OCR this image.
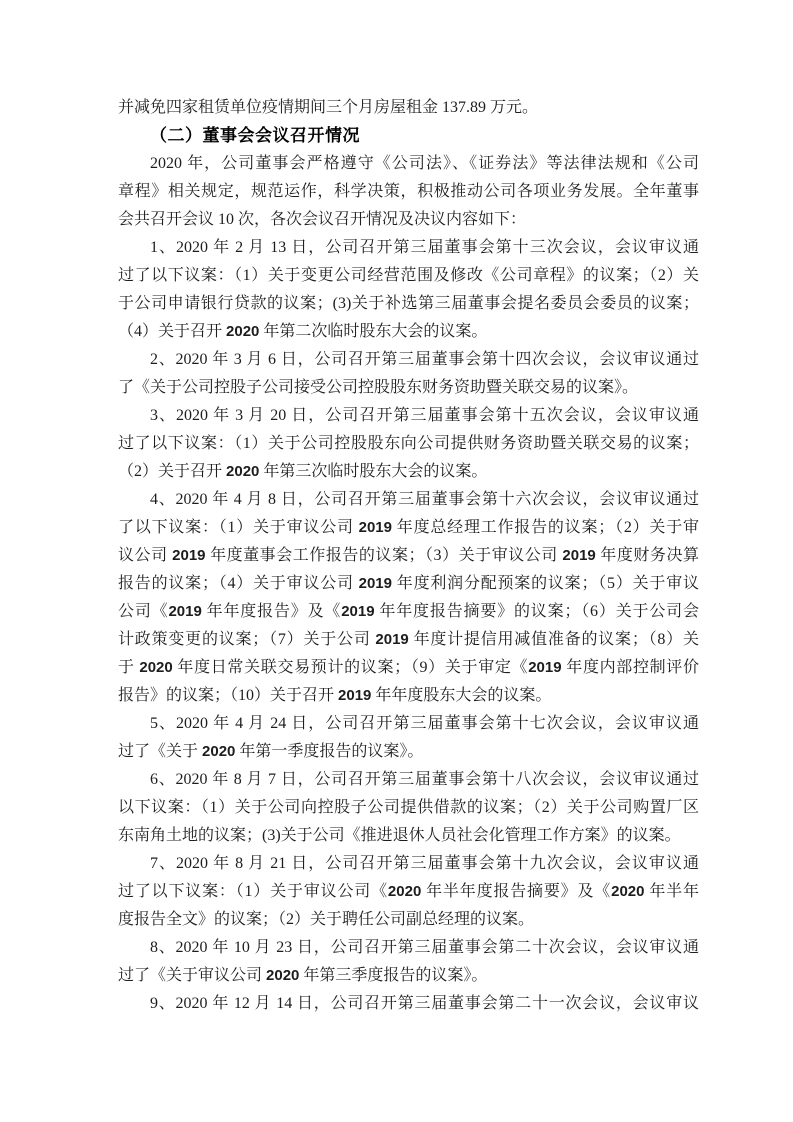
并减免四家租赁单位疫情期间三个月房屋租金 137.89 万元。
（二）董事会会议召开情况
2020 年，公司董事会严格遵守《公司法》、《证券法》等法律法规和《公司
章程》相关规定，规范运作，科学决策，积极推动公司各项业务发展。全年董事
会共召开会议 10 次，各次会议召开情况及决议内容如下：
1、2020 年 2 月 13 日，公司召开第三届董事会第十三次会议，会议审议通
过了以下议案：（1）关于变更公司经营范围及修改《公司章程》的议案；（2）关
于公司申请银行贷款的议案；(3)关于补选第三届董事会提名委员会委员的议案；
（4）关于召开 2020 年第二次临时股东大会的议案。
2、2020 年 3 月 6 日，公司召开第三届董事会第十四次会议，会议审议通过
了《关于公司控股子公司接受公司控股股东财务资助暨关联交易的议案》。
3、2020 年 3 月 20 日，公司召开第三届董事会第十五次会议，会议审议通
过了以下议案：（1）关于公司控股股东向公司提供财务资助暨关联交易的议案；
（2）关于召开 2020 年第三次临时股东大会的议案。
4、2020 年 4 月 8 日，公司召开第三届董事会第十六次会议，会议审议通过
了以下议案：（1）关于审议公司 2019 年度总经理工作报告的议案；（2）关于审
议公司 2019 年度董事会工作报告的议案；（3）关于审议公司 2019 年度财务决算
报告的议案；（4）关于审议公司 2019 年度利润分配预案的议案；（5）关于审议
公司《2019 年年度报告》及《2019 年年度报告摘要》的议案；（6）关于公司会
计政策变更的议案；（7）关于公司 2019 年度计提信用减值准备的议案；（8）关
于 2020 年度日常关联交易预计的议案；（9）关于审定《2019 年度内部控制评价
报告》的议案；（10）关于召开 2019 年年度股东大会的议案。
5、2020 年 4 月 24 日，公司召开第三届董事会第十七次会议，会议审议通
过了《关于 2020 年第一季度报告的议案》。
6、2020 年 8 月 7 日，公司召开第三届董事会第十八次会议，会议审议通过
以下议案：（1）关于公司向控股子公司提供借款的议案；（2）关于公司购置厂区
东南角土地的议案；(3)关于公司《推进退休人员社会化管理工作方案》的议案。
7、2020 年 8 月 21 日，公司召开第三届董事会第十九次会议，会议审议通
过了以下议案：（1）关于审议公司《2020 年半年度报告摘要》及《2020 年半年
度报告全文》的议案；（2）关于聘任公司副总经理的议案。
8、2020 年 10 月 23 日，公司召开第三届董事会第二十次会议，会议审议通
过了《关于审议公司 2020 年第三季度报告的议案》。
9、2020 年 12 月 14 日，公司召开第三届董事会第二十一次会议，会议审议
